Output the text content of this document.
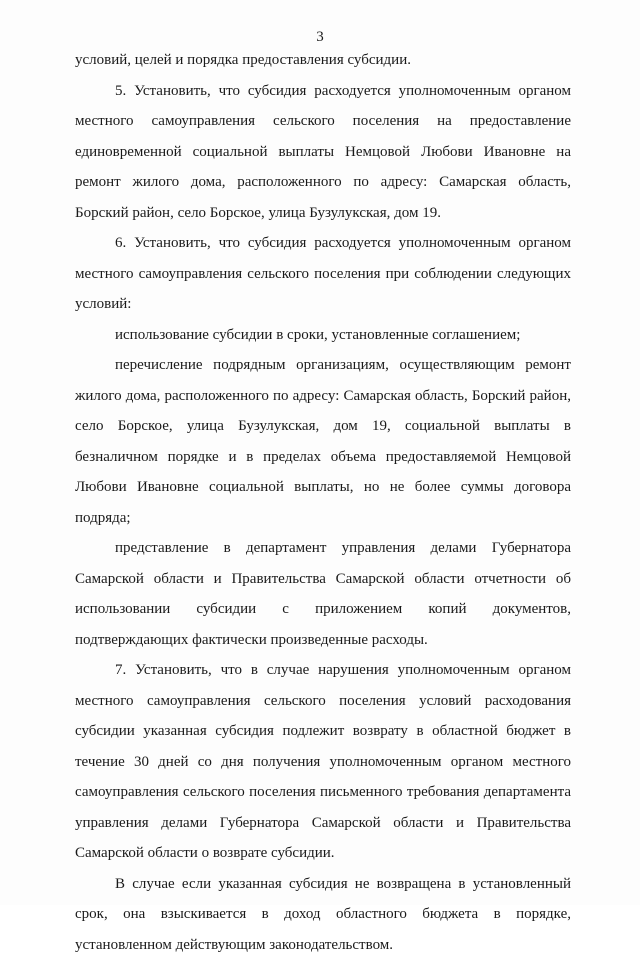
3

условий, целей и порядка предоставления субсидии.

5. Установить, что субсидия расходуется уполномоченным органом местного самоуправления сельского поселения на предоставление единовременной социальной выплаты Немцовой Любови Ивановне на ремонт жилого дома, расположенного по адресу: Самарская область, Борский район, село Борское, улица Бузулукская, дом 19.

6. Установить, что субсидия расходуется уполномоченным органом местного самоуправления сельского поселения при соблюдении следующих условий:

использование субсидии в сроки, установленные соглашением;

перечисление подрядным организациям, осуществляющим ремонт жилого дома, расположенного по адресу: Самарская область, Борский район, село Борское, улица Бузулукская, дом 19, социальной выплаты в безналичном порядке и в пределах объема предоставляемой Немцовой Любови Ивановне социальной выплаты, но не более суммы договора подряда;

представление в департамент управления делами Губернатора Самарской области и Правительства Самарской области отчетности об использовании субсидии с приложением копий документов, подтверждающих фактически произведенные расходы.

7. Установить, что в случае нарушения уполномоченным органом местного самоуправления сельского поселения условий расходования субсидии указанная субсидия подлежит возврату в областной бюджет в течение 30 дней со дня получения уполномоченным органом местного самоуправления сельского поселения письменного требования департамента управления делами Губернатора Самарской области и Правительства Самарской области о возврате субсидии.

В случае если указанная субсидия не возвращена в установленный срок, она взыскивается в доход областного бюджета в порядке, установленном действующим законодательством.
